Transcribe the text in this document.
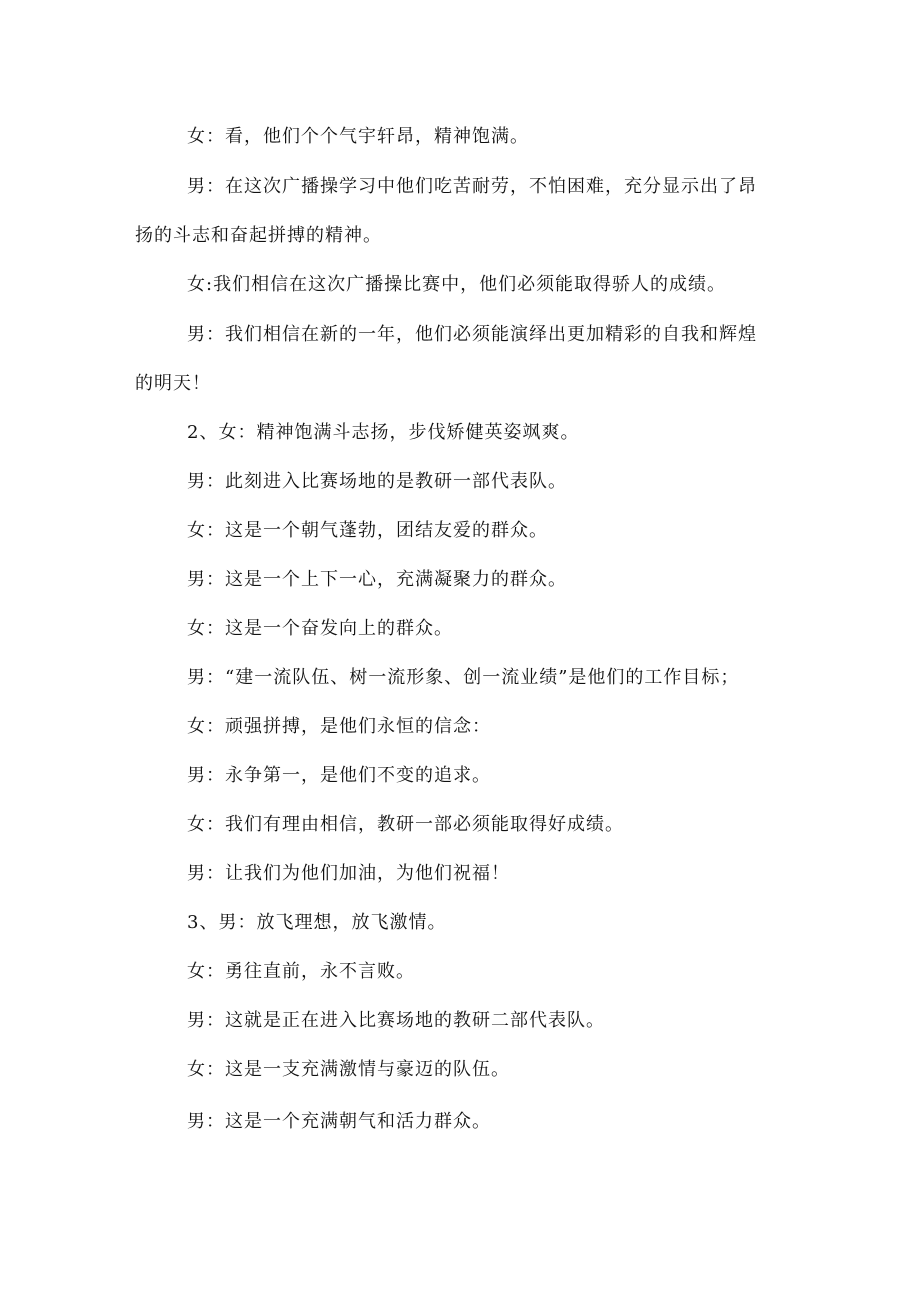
女：看，他们个个气宇轩昂，精神饱满。

男：在这次广播操学习中他们吃苦耐劳，不怕困难，充分显示出了昂

扬的斗志和奋起拼搏的精神。

女:我们相信在这次广播操比赛中，他们必须能取得骄人的成绩。

男：我们相信在新的一年，他们必须能演绎出更加精彩的自我和辉煌

的明天！

2、女：精神饱满斗志扬，步伐矫健英姿飒爽。

男：此刻进入比赛场地的是教研一部代表队。

女：这是一个朝气蓬勃，团结友爱的群众。

男：这是一个上下一心，充满凝聚力的群众。

女：这是一个奋发向上的群众。

男：“建一流队伍、树一流形象、创一流业绩”是他们的工作目标；

女：顽强拼搏，是他们永恒的信念：

男：永争第一，是他们不变的追求。

女：我们有理由相信，教研一部必须能取得好成绩。

男：让我们为他们加油，为他们祝福！

3、男：放飞理想，放飞激情。

女：勇往直前，永不言败。

男：这就是正在进入比赛场地的教研二部代表队。

女：这是一支充满激情与豪迈的队伍。

男：这是一个充满朝气和活力群众。
